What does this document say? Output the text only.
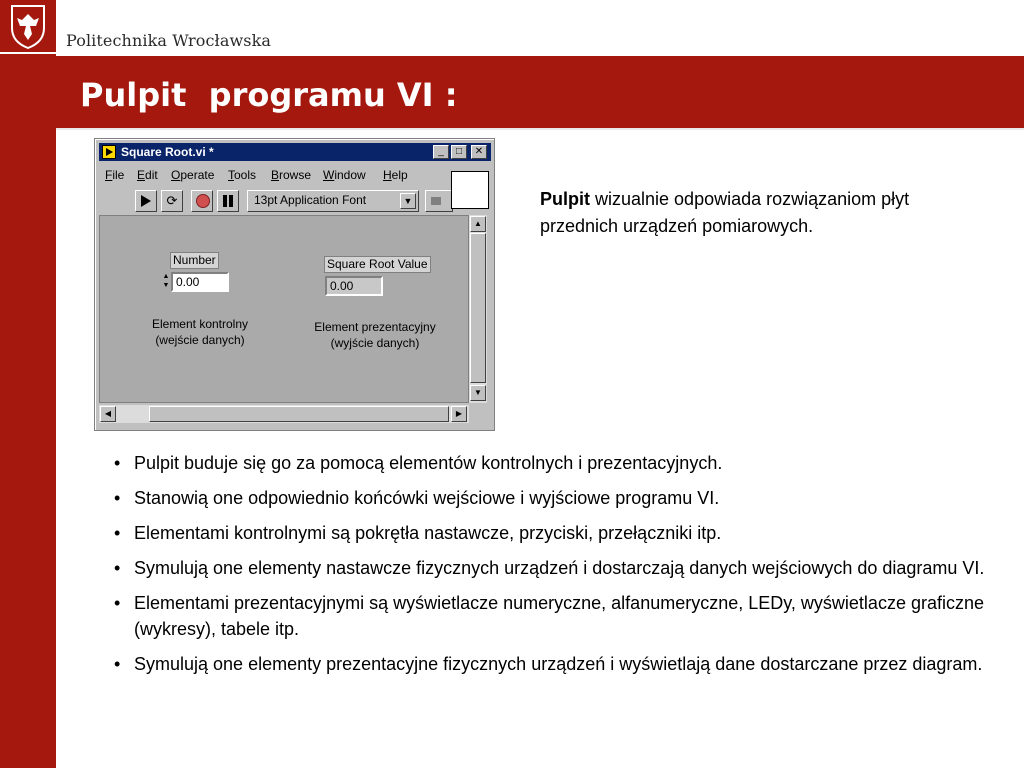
Politechnika Wrocławska
Pulpit  programu VI :
Square Root.vi *	_	□	✕
File Edit Operate Tools Browse Window Help
⟳	13pt Application Font	▼
Number
▲
▼ 0.00
Element kontrolny
(wejście danych)
Square Root Value
0.00
Element prezentacyjny
(wyjście danych)
▲
▼
◀	▶
Pulpit wizualnie odpowiada rozwiązaniom płyt przednich urządzeń pomiarowych.
• Pulpit buduje się go za pomocą elementów kontrolnych i prezentacyjnych.
• Stanowią one odpowiednio końcówki wejściowe i wyjściowe programu VI.
• Elementami kontrolnymi są pokrętła nastawcze, przyciski, przełączniki itp.
• Symulują one elementy nastawcze fizycznych urządzeń i dostarczają danych wejściowych do diagramu VI.
• Elementami prezentacyjnymi są wyświetlacze numeryczne, alfanumeryczne, LEDy, wyświetlacze graficzne (wykresy), tabele itp.
• Symulują one elementy prezentacyjne fizycznych urządzeń i wyświetlają dane dostarczane przez diagram.
